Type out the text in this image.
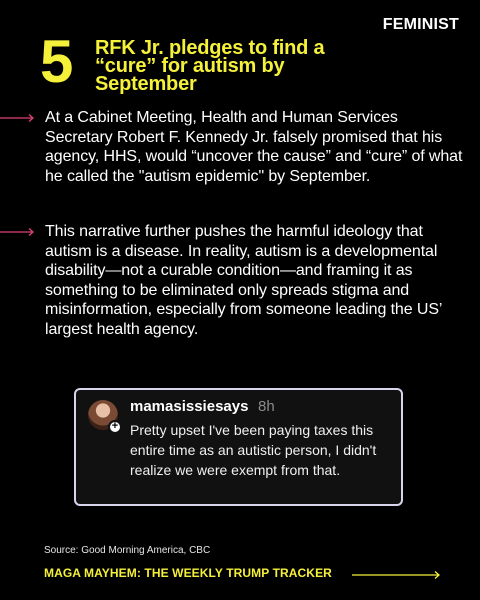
FEMINIST
5 RFK Jr. pledges to find a “cure” for autism by September

At a Cabinet Meeting, Health and Human Services Secretary Robert F. Kennedy Jr. falsely promised that his agency, HHS, would “uncover the cause” and “cure” of what he called the "autism epidemic" by September.

This narrative further pushes the harmful ideology that autism is a disease. In reality, autism is a developmental disability—not a curable condition—and framing it as something to be eliminated only spreads stigma and misinformation, especially from someone leading the US’ largest health agency.

+
mamasissiesays 8h
Pretty upset I've been paying taxes this entire time as an autistic person, I didn't realize we were exempt from that.
Source: Good Morning America, CBC
MAGA MAYHEM: THE WEEKLY TRUMP TRACKER
